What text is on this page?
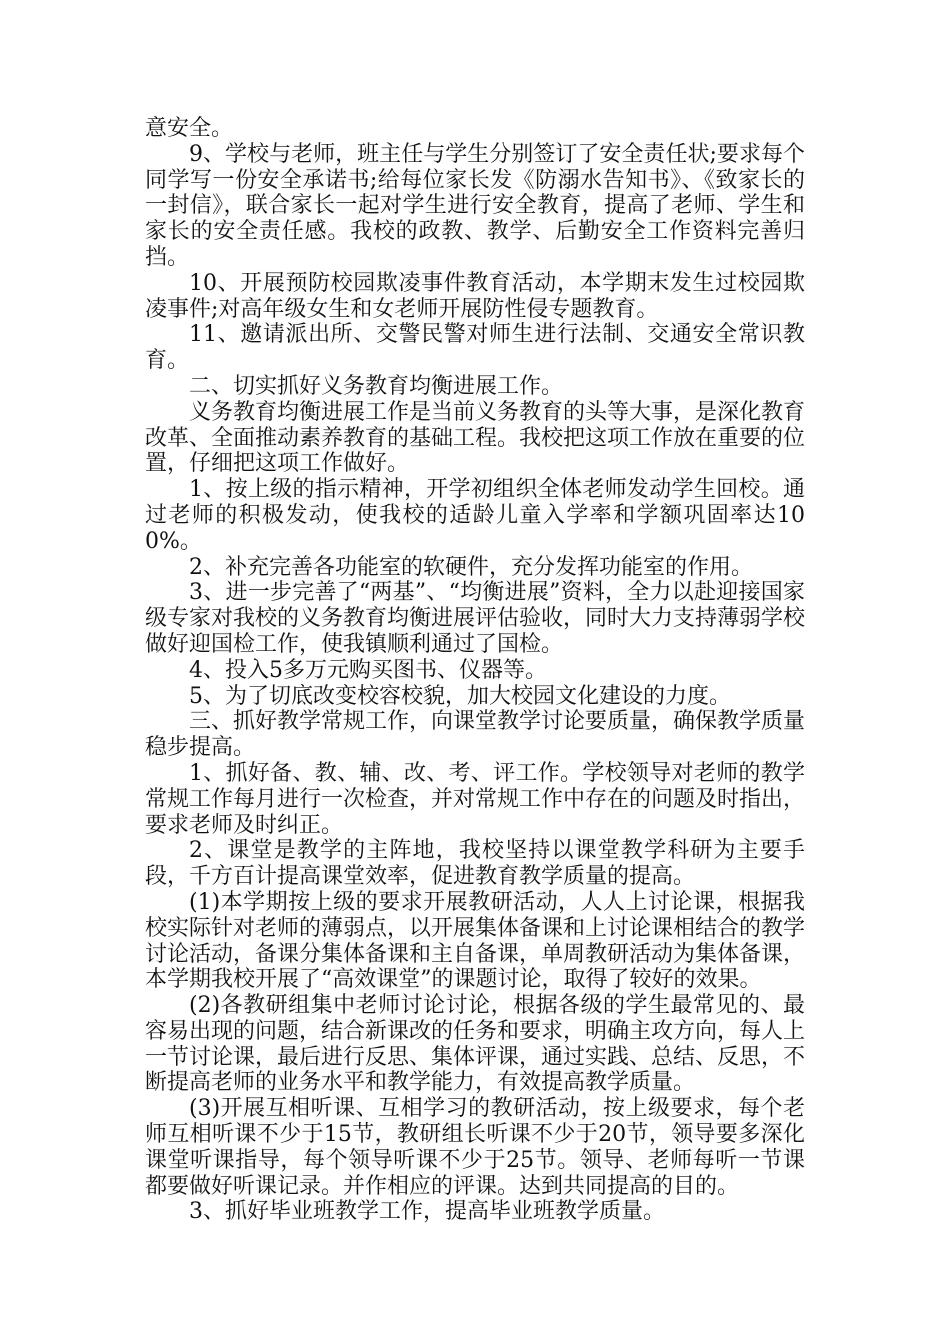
意安全。

9、学校与老师，班主任与学生分别签订了安全责任状;要求每个同学写一份安全承诺书;给每位家长发《防溺水告知书》、《致家长的一封信》，联合家长一起对学生进行安全教育，提高了老师、学生和家长的安全责任感。我校的政教、教学、后勤安全工作资料完善归挡。

10、开展预防校园欺凌事件教育活动，本学期末发生过校园欺凌事件;对高年级女生和女老师开展防性侵专题教育。

11、邀请派出所、交警民警对师生进行法制、交通安全常识教育。

二、切实抓好义务教育均衡进展工作。

义务教育均衡进展工作是当前义务教育的头等大事，是深化教育改革、全面推动素养教育的基础工程。我校把这项工作放在重要的位置，仔细把这项工作做好。

1、按上级的指示精神，开学初组织全体老师发动学生回校。通过老师的积极发动，使我校的适龄儿童入学率和学额巩固率达100%。

2、补充完善各功能室的软硬件，充分发挥功能室的作用。

3、进一步完善了“两基”、“均衡进展”资料，全力以赴迎接国家级专家对我校的义务教育均衡进展评估验收，同时大力支持薄弱学校做好迎国检工作，使我镇顺利通过了国检。

4、投入5多万元购买图书、仪器等。

5、为了切底改变校容校貌，加大校园文化建设的力度。

三、抓好教学常规工作，向课堂教学讨论要质量，确保教学质量稳步提高。

1、抓好备、教、辅、改、考、评工作。学校领导对老师的教学常规工作每月进行一次检查，并对常规工作中存在的问题及时指出，要求老师及时纠正。

2、课堂是教学的主阵地，我校坚持以课堂教学科研为主要手段，千方百计提高课堂效率，促进教育教学质量的提高。

(1)本学期按上级的要求开展教研活动，人人上讨论课，根据我校实际针对老师的薄弱点，以开展集体备课和上讨论课相结合的教学讨论活动，备课分集体备课和主自备课，单周教研活动为集体备课，本学期我校开展了“高效课堂”的课题讨论，取得了较好的效果。

(2)各教研组集中老师讨论讨论，根据各级的学生最常见的、最容易出现的问题，结合新课改的任务和要求，明确主攻方向，每人上一节讨论课，最后进行反思、集体评课，通过实践、总结、反思，不断提高老师的业务水平和教学能力，有效提高教学质量。

(3)开展互相听课、互相学习的教研活动，按上级要求，每个老师互相听课不少于15节，教研组长听课不少于20节，领导要多深化课堂听课指导，每个领导听课不少于25节。领导、老师每听一节课都要做好听课记录。并作相应的评课。达到共同提高的目的。

3、抓好毕业班教学工作，提高毕业班教学质量。
